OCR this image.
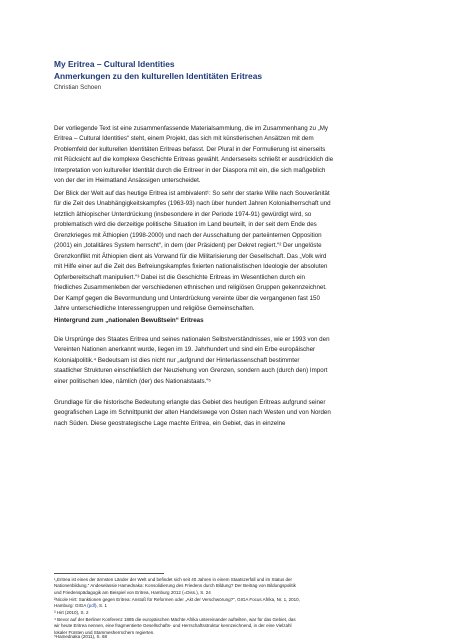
My Eritrea – Cultural Identities
Anmerkungen zu den kulturellen Identitäten Eritreas
Christian Schoen

Der vorliegende Text ist eine zusammenfassende Materialsammlung, die im Zusammenhang zu „My
Eritrea – Cultural Identities“ steht, einem Projekt, das sich mit künstlerischen Ansätzen mit dem
Problemfeld der kulturellen Identitäten Eritreas befasst. Der Plural in der Formulierung ist einerseits
mit Rücksicht auf die komplexe Geschichte Eritreas gewählt. Anderseseits schließt er ausdrücklich die
Interpretation von kultureller Identität durch die Eritreer in der Diaspora mit ein, die sich maßgeblich
von der der im Heimatland Ansässigen unterscheidet.

Der Blick der Welt auf das heutige Eritrea ist ambivalent¹: So sehr der starke Wille nach Souveränität
für die Zeit des Unabhängigkeitskampfes (1963-93) nach über hundert Jahren Kolonialherrschaft und
letztlich äthiopischer Unterdrückung (insbesondere in der Periode 1974-91) gewürdigt wird, so
problematisch wird die derzeitige politische Situation im Land beurteilt, in der seit dem Ende des
Grenzkrieges mit Äthiopien (1998-2000) und nach der Ausschaltung der parteiinternen Opposition
(2001) ein „totalitäres System herrscht“, in dem (der Präsident) per Dekret regiert.“² Der ungelöste
Grenzkonflikt mit Äthiopien dient als Vorwand für die Militarisierung der Gesellschaft. Das „Volk wird
mit Hilfe einer auf die Zeit des Befreiungskampfes fixierten nationalistischen Ideologie der absoluten
Opferbereitschaft manipuliert.“³ Dabei ist die Geschichte Eritreas im Wesentlichen durch ein
friedliches Zusammenleben der verschiedenen ethnischen und religiösen Gruppen gekennzeichnet.
Der Kampf gegen die Bevormundung und Unterdrückung vereinte über die vergangenen fast 150
Jahre unterschiedliche Interessengruppen und religiöse Gemeinschaften.

Hintergrund zum „nationalen Bewußtsein“ Eritreas

Die Ursprünge des Staates Eritrea und seines nationalen Selbstverständnisses, wie er 1993 von den
Vereinten Nationen anerkannt wurde, liegen im 19. Jahrhundert und sind ein Erbe europäischer
Kolonialpolitik.⁴ Bedeutsam ist dies nicht nur „aufgrund der Hinterlassenschaft bestimmter
staatlicher Strukturen einschließlich der Neuziehung von Grenzen, sondern auch (durch den) Import
einer politischen Idee, nämlich (der) des Nationalstaats.“⁵

Grundlage für die historische Bedeutung erlangte das Gebiet des heutigen Eritreas aufgrund seiner
geografischen Lage im Schnittpunkt der alten Handelswege von Osten nach Westen und von Norden
nach Süden. Diese geostrategische Lage machte Eritrea, ein Gebiet, das in einzelne

¹„Eritrea ist eines der ärmsten Länder der Welt und befindet sich seit 40 Jahren in einem Staatszerfall und im Status der
Nationenbildung.“ Andeselassie Hamednaka: Konsolidierung des Friedens durch Bildung? Der Beitrag von Bildungspolitik
und Friedenspädagogik am Beispiel von Eritrea, Hamburg 2012 (=Diss.), S. 24

²Nicole Hirt: Sanktionen gegen Eritrea: Anstoß für Reformen oder „Akt der Verschwörung?“, GIGA Focus Afrika, Nr. 1, 2010,
Hamburg: GIGA (pdf), S. 1

³ Hirt (2010), S. 2

⁴ Bevor auf der Berliner Konferenz 1885 die europäischen Mächte Afrika untereinander aufteilten, war für das Gebiet, das
wir heute Eritrea nennen, eine fragmentierte Gesellschafts- und Herrschaftsstruktur kennzeichnend, in der eine Vielzahl
lokaler Fürsten und Stammesherrschern regierten.

⁵Hamednaka (2011), S. 68
